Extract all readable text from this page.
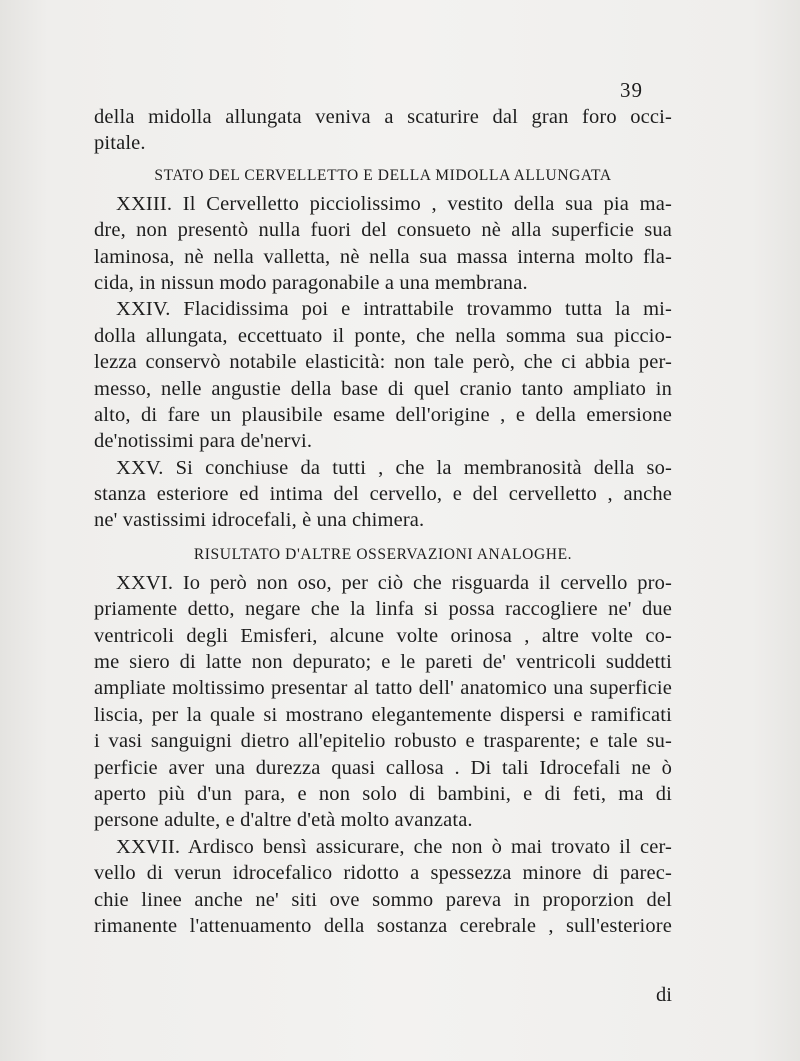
39
della midolla allungata veniva a scaturire dal gran foro occi-
pitale.
STATO DEL CERVELLETTO E DELLA MIDOLLA ALLUNGATA
XXIII. Il Cervelletto picciolissimo , vestito della sua pia ma-
dre, non presentò nulla fuori del consueto nè alla superficie sua
laminosa, nè nella valletta, nè nella sua massa interna molto fla-
cida, in nissun modo paragonabile a una membrana.
XXIV. Flacidissima poi e intrattabile trovammo tutta la mi-
dolla allungata, eccettuato il ponte, che nella somma sua piccio-
lezza conservò notabile elasticità: non tale però, che ci abbia per-
messo, nelle angustie della base di quel cranio tanto ampliato in
alto, di fare un plausibile esame dell'origine , e della emersione
de'notissimi para de'nervi.
XXV. Si conchiuse da tutti , che la membranosità della so-
stanza esteriore ed intima del cervello, e del cervelletto , anche
ne' vastissimi idrocefali, è una chimera.
RISULTATO D'ALTRE OSSERVAZIONI ANALOGHE.
XXVI. Io però non oso, per ciò che risguarda il cervello pro-
priamente detto, negare che la linfa si possa raccogliere ne' due
ventricoli degli Emisferi, alcune volte orinosa , altre volte co-
me siero di latte non depurato; e le pareti de' ventricoli suddetti
ampliate moltissimo presentar al tatto dell' anatomico una superficie
liscia, per la quale si mostrano elegantemente dispersi e ramificati
i vasi sanguigni dietro all'epitelio robusto e trasparente; e tale su-
perficie aver una durezza quasi callosa . Di tali Idrocefali ne ò
aperto più d'un para, e non solo di bambini, e di feti, ma di
persone adulte, e d'altre d'età molto avanzata.
XXVII. Ardisco bensì assicurare, che non ò mai trovato il cer-
vello di verun idrocefalico ridotto a spessezza minore di parec-
chie linee anche ne' siti ove sommo pareva in proporzion del
rimanente l'attenuamento della sostanza cerebrale , sull'esteriore
di
